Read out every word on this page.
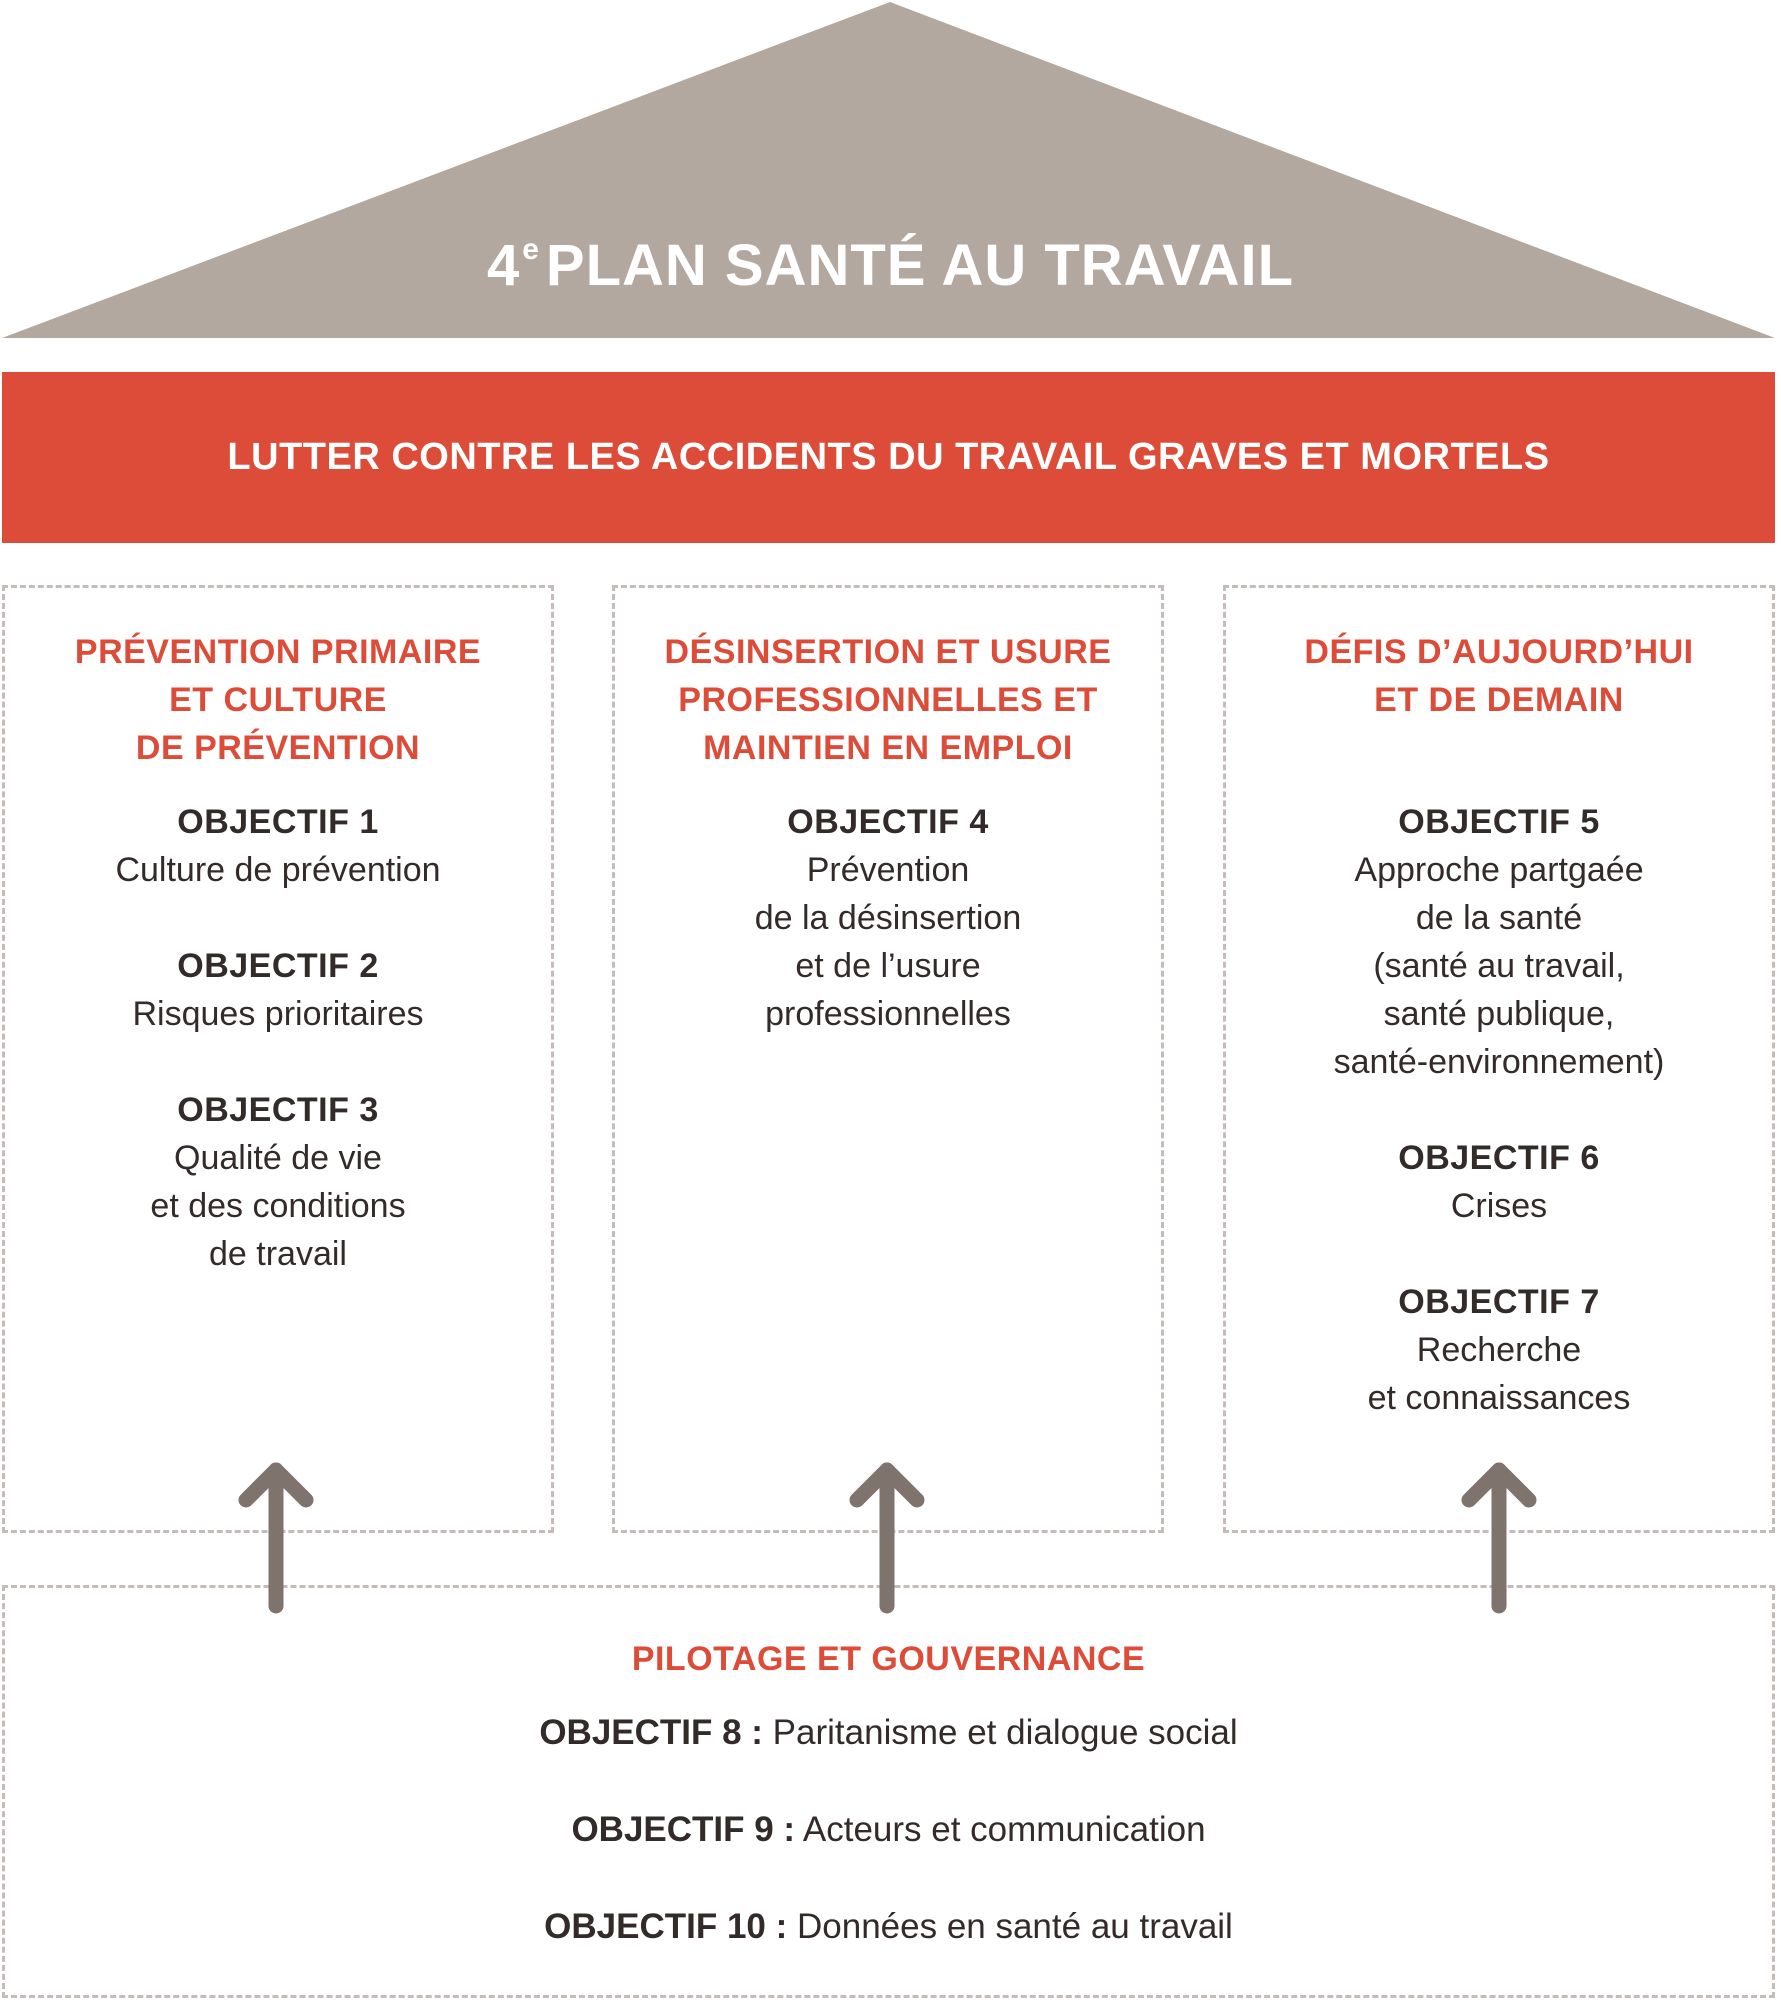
4e PLAN SANTÉ AU TRAVAIL
LUTTER CONTRE LES ACCIDENTS DU TRAVAIL GRAVES ET MORTELS
PRÉVENTION PRIMAIRE
ET CULTURE
DE PRÉVENTION
OBJECTIF 1
Culture de prévention
OBJECTIF 2
Risques prioritaires
OBJECTIF 3
Qualité de vie
et des conditions
de travail
DÉSINSERTION ET USURE
PROFESSIONNELLES ET
MAINTIEN EN EMPLOI
OBJECTIF 4
Prévention
de la désinsertion
et de l’usure
professionnelles
DÉFIS D’AUJOURD’HUI
ET DE DEMAIN
OBJECTIF 5
Approche partgaée
de la santé
(santé au travail,
santé publique,
santé-environnement)
OBJECTIF 6
Crises
OBJECTIF 7
Recherche
et connaissances
PILOTAGE ET GOUVERNANCE
OBJECTIF 8 : Paritanisme et dialogue social
OBJECTIF 9 : Acteurs et communication
OBJECTIF 10 : Données en santé au travail
